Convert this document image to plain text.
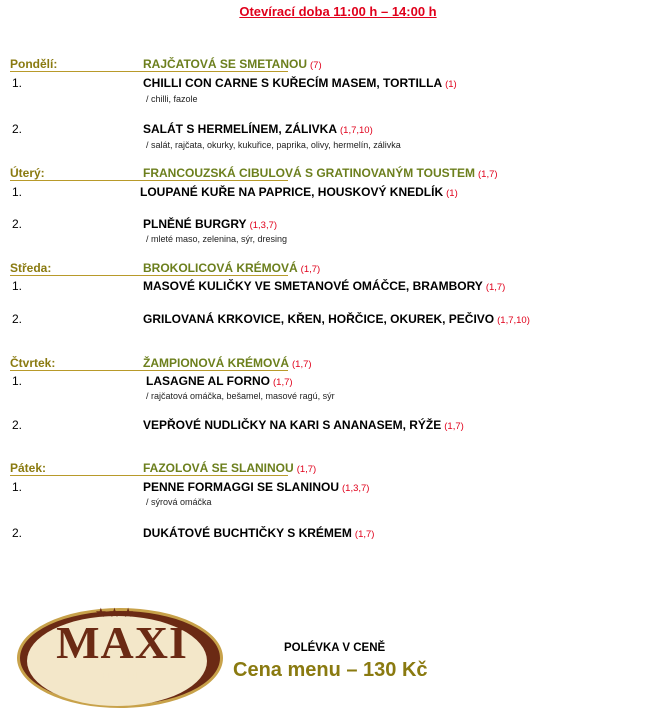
Otevírací doba 11:00 h – 14:00 h
Pondělí:	RAJČATOVÁ SE SMETANOU (7)
1.	CHILLI CON CARNE S KUŘECÍM MASEM, TORTILLA (1)
/ chilli, fazole
2.	SALÁT S HERMELÍNEM, ZÁLIVKA (1,7,10)
/ salát, rajčata, okurky, kukuřice, paprika, olivy, hermelín, zálivka
Úterý:	FRANCOUZSKÁ CIBULOVÁ S GRATINOVANÝM TOUSTEM (1,7)
1.	LOUPANÉ KUŘE NA PAPRICE, HOUSKOVÝ KNEDLÍK (1)
2.	PLNĚNÉ BURGRY (1,3,7)
/ mleté maso, zelenina, sýr, dresing
Středa:	BROKOLICOVÁ KRÉMOVÁ (1,7)
1.	MASOVÉ KULIČKY VE SMETANOVÉ OMÁČCE, BRAMBORY (1,7)
2.	GRILOVANÁ KRKOVICE, KŘEN, HOŘČICE, OKUREK, PEČIVO (1,7,10)
Čtvrtek:	ŽAMPIONOVÁ KRÉMOVÁ (1,7)
1.	LASAGNE AL FORNO (1,7)
/ rajčatová omáčka, bešamel, masové ragú, sýr
2.	VEPŘOVÉ NUDLIČKY NA KARI S ANANASEM, RÝŽE (1,7)
Pátek:	FAZOLOVÁ SE SLANINOU (1,7)
1.	PENNE FORMAGGI SE SLANINOU (1,3,7)
/ sýrová omáčka
2.	DUKÁTOVÉ BUCHTIČKY S KRÉMEM (1,7)
★★★
MAXI
HOTEL
POLÉVKA V CENĚ
Cena menu – 130 Kč
